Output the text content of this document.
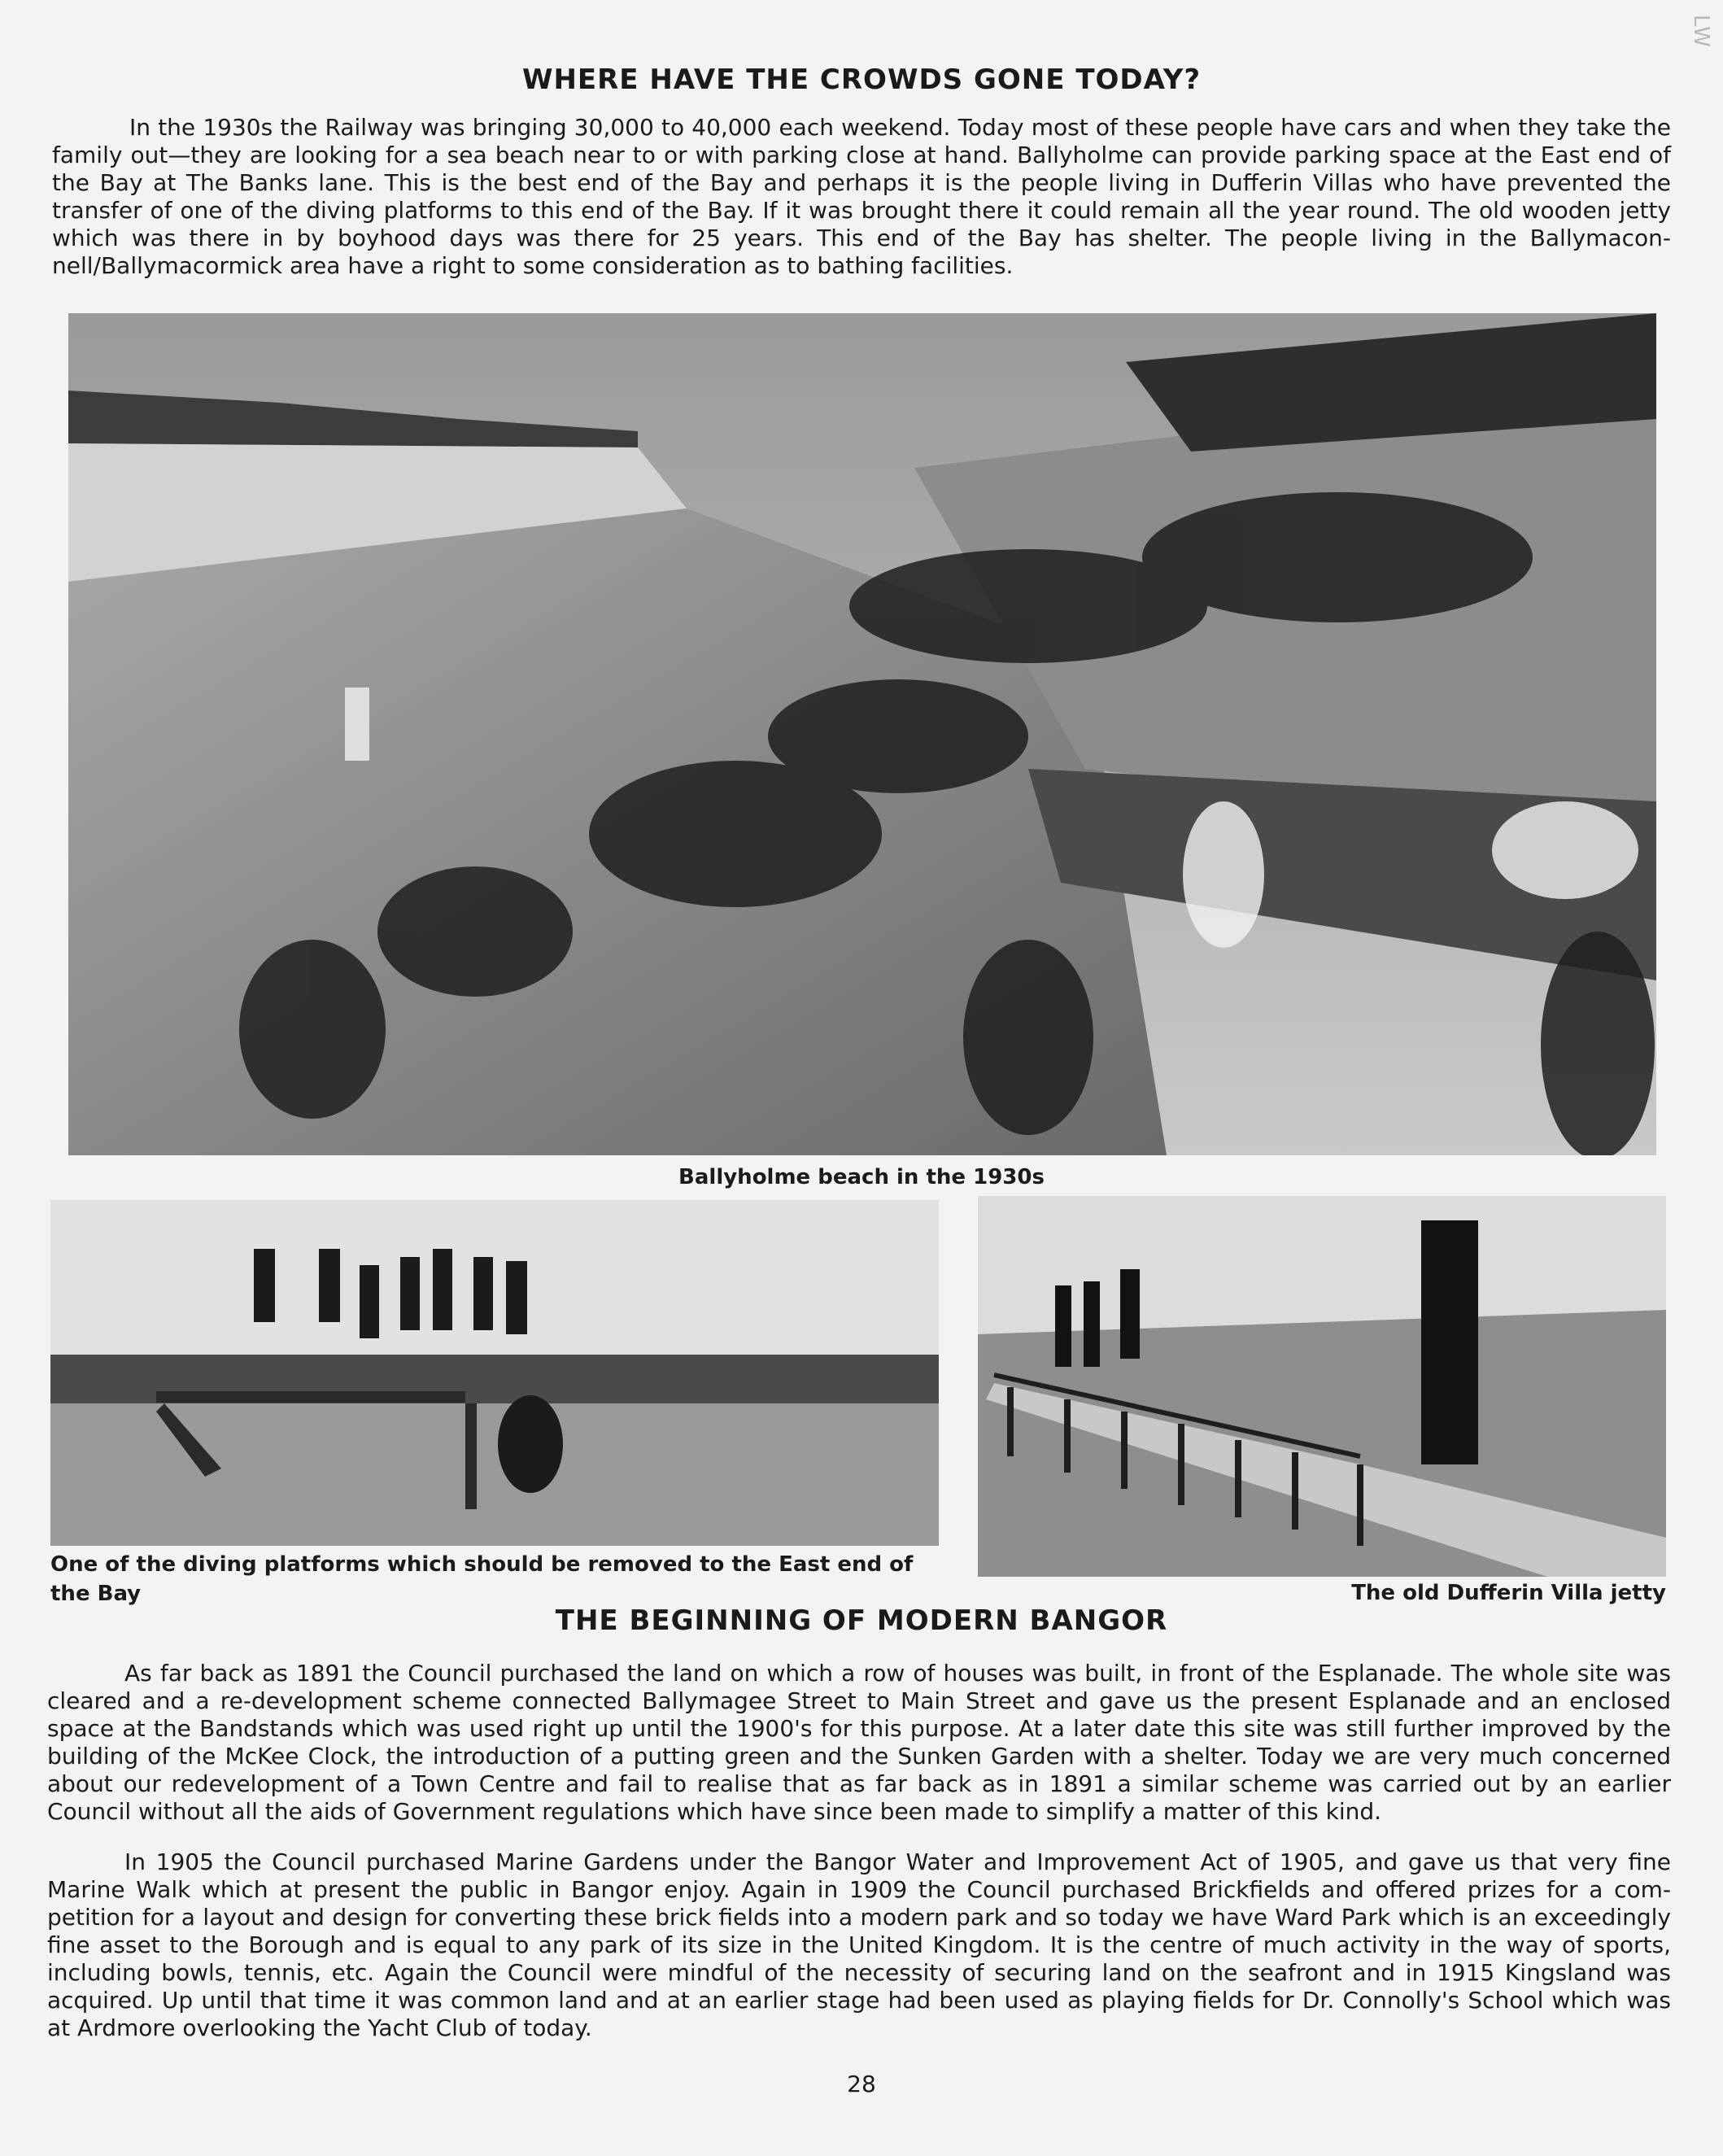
LW
WHERE HAVE THE CROWDS GONE TODAY?

In the 1930s the Railway was bringing 30,000 to 40,000 each weekend. Today most of these people have cars and when they take the family out—they are looking for a sea beach near to or with parking close at hand. Ballyholme can provide parking space at the East end of the Bay at The Banks lane. This is the best end of the Bay and perhaps it is the people living in Dufferin Villas who have prevented the transfer of one of the diving platforms to this end of the Bay. If it was brought there it could remain all the year round. The old wooden jetty which was there in by boyhood days was there for 25 years. This end of the Bay has shelter. The people living in the Ballymacon-nell/Ballymacormick area have a right to some consideration as to bathing facilities.

Ballyholme beach in the 1930s

One of the diving platforms which should be removed to the East end of the Bay	The old Dufferin Villa jetty

THE BEGINNING OF MODERN BANGOR

As far back as 1891 the Council purchased the land on which a row of houses was built, in front of the Esplanade. The whole site was cleared and a re-development scheme connected Ballymagee Street to Main Street and gave us the present Esplanade and an enclosed space at the Bandstands which was used right up until the 1900's for this purpose. At a later date this site was still further improved by the building of the McKee Clock, the introduction of a putting green and the Sunken Garden with a shelter. Today we are very much concerned about our redevelopment of a Town Centre and fail to realise that as far back as in 1891 a similar scheme was carried out by an earlier Council without all the aids of Government regulations which have since been made to simplify a matter of this kind.

In 1905 the Council purchased Marine Gardens under the Bangor Water and Improvement Act of 1905, and gave us that very fine Marine Walk which at present the public in Bangor enjoy. Again in 1909 the Council purchased Brickfields and offered prizes for a com-petition for a layout and design for converting these brick fields into a modern park and so today we have Ward Park which is an exceedingly fine asset to the Borough and is equal to any park of its size in the United Kingdom. It is the centre of much activity in the way of sports, including bowls, tennis, etc. Again the Council were mindful of the necessity of securing land on the seafront and in 1915 Kingsland was acquired. Up until that time it was common land and at an earlier stage had been used as playing fields for Dr. Connolly's School which was at Ardmore overlooking the Yacht Club of today.

28
